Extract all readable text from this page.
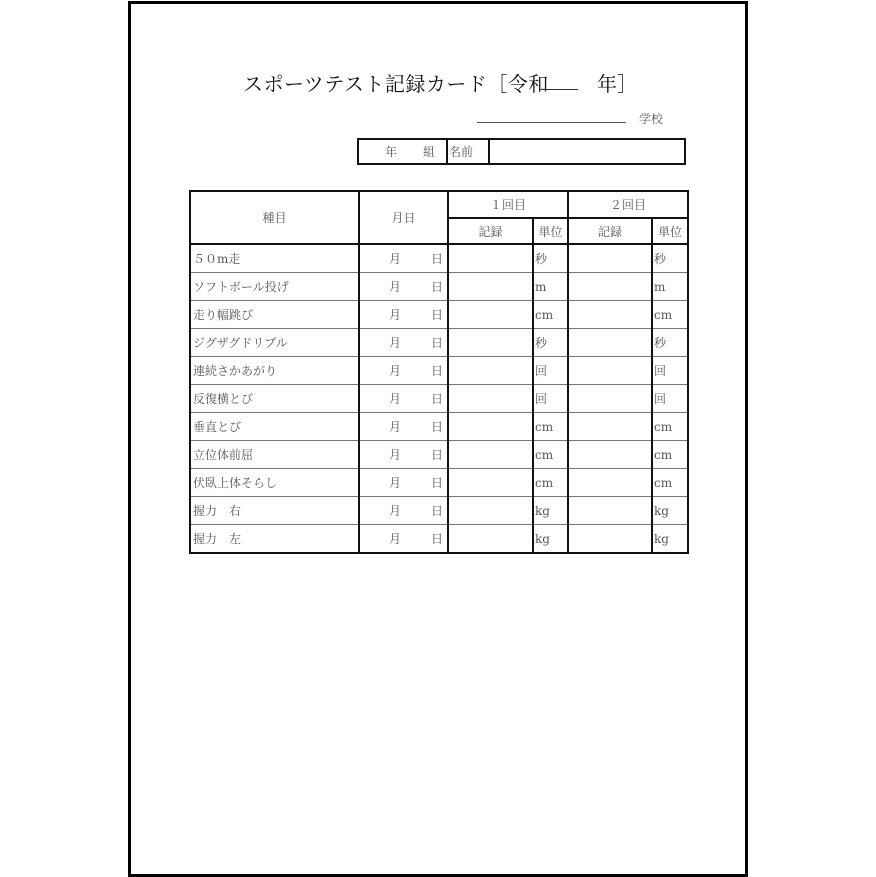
スポーツテスト記録カード［令和 年］
学校
年 組 名前
種目	月日	１回目		２回目	
		記録	単位	記録	単位
５０m走	月 日		秒		秒
ソフトボール投げ	月 日		m		m
走り幅跳び	月 日		cm		cm
ジグザグドリブル	月 日		秒		秒
連続さかあがり	月 日		回		回
反復横とび	月 日		回		回
垂直とび	月 日		cm		cm
立位体前屈	月 日		cm		cm
伏臥上体そらし	月 日		cm		cm
握力　右	月 日		kg		kg
握力　左	月 日		kg		kg
